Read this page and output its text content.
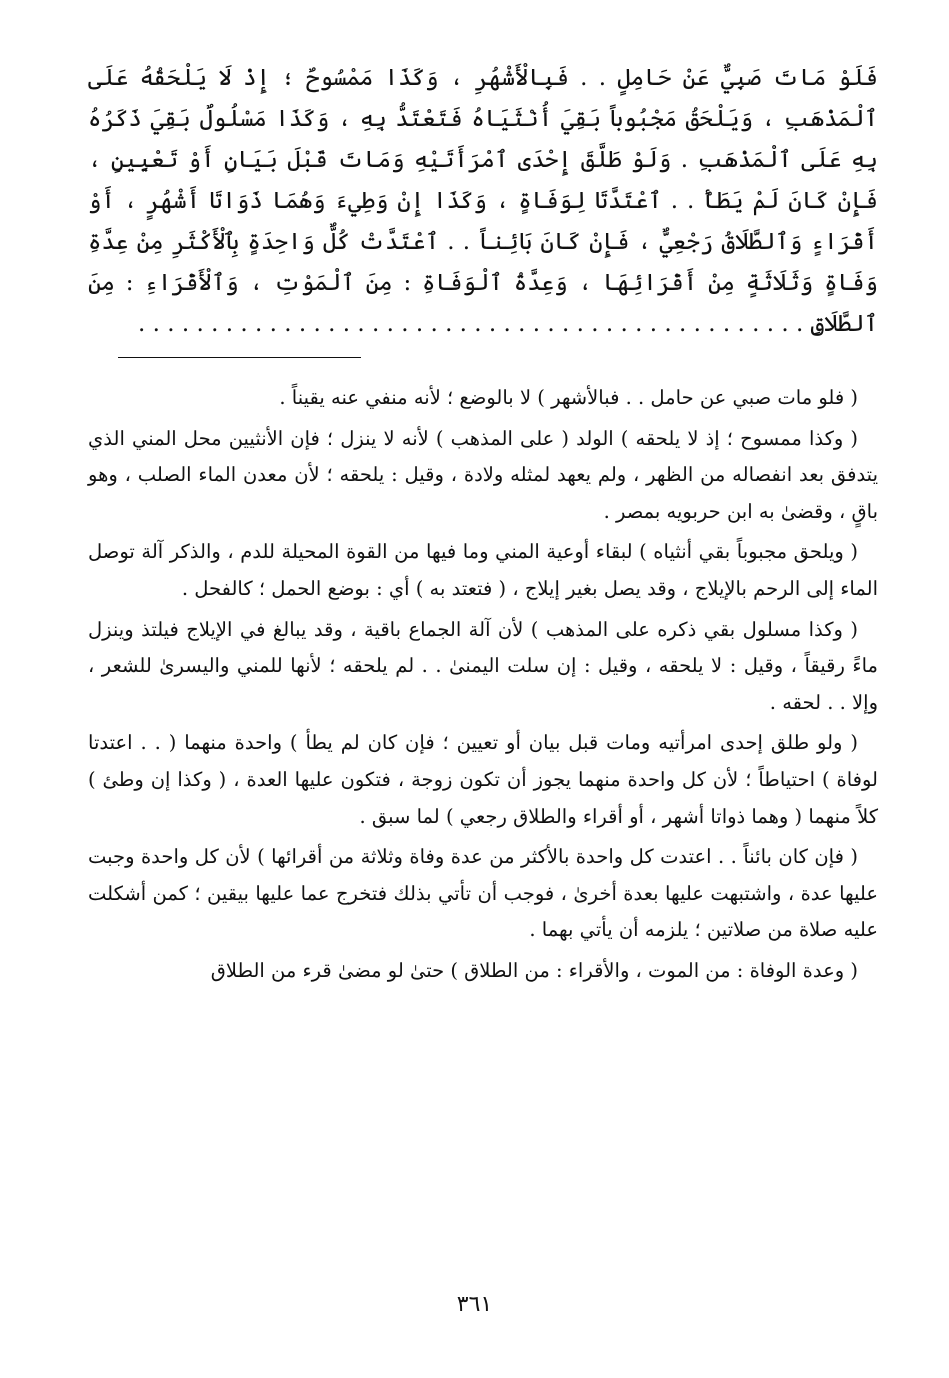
فَلَوْ مَاتَ صَبِيٌّ عَنْ حَامِلٍ . . فَبِالْأَشْهُرِ ، وَكَذَا مَمْسُوحٌ ؛ إِذْ لَا يَلْحَقُهُ عَلَى ٱلْمَذْهَبِ ، وَيَلْحَقُ مَجْبُوباً بَقِيَ أُنْثَيَاهُ فَتَعْتَدُّ بِهِ ، وَكَذَا مَسْلُولٌ بَقِيَ ذَكَرُهُ بِهِ عَلَى ٱلْمَذْهَبِ . وَلَوْ طَلَّقَ إِحْدَى ٱمْرَأَتَيْهِ وَمَاتَ قَبْلَ بَيَانٍ أَوْ تَعْيِينٍ ، فَإِنْ كَانَ لَمْ يَطَأْ . . ٱعْتَدَّتَا لِوَفَاةٍ ، وَكَذَا إِنْ وَطِيءَ وَهُمَا ذَوَاتَا أَشْهُرٍ ، أَوْ أَقْرَاءٍ وَٱلطَّلَاقُ رَجْعِيٌّ ، فَإِنْ كَانَ بَائِناً . . ٱعْتَدَّتْ كُلٌّ وَاحِدَةٍ بِٱلْأَكْثَرِ مِنْ عِدَّةِ وَفَاةٍ وَثَلَاثَةٍ مِنْ أَقْرَائِهَا ، وَعِدَّةُ ٱلْوَفَاةِ : مِنَ ٱلْمَوْتِ ، وَٱلْأَقْرَاءِ : مِنَ ٱلطَّلَاقِ . . . . . . . . . . . . . . . . . . . . . . . . . . . . . . . . . . . . . . . . . . . . . .

( فلو مات صبي عن حامل . . فبالأشهر ) لا بالوضع ؛ لأنه منفي عنه يقيناً .

( وكذا ممسوح ؛ إذ لا يلحقه ) الولد ( على المذهب ) لأنه لا ينزل ؛ فإن الأنثيين محل المني الذي يتدفق بعد انفصاله من الظهر ، ولم يعهد لمثله ولادة ، وقيل : يلحقه ؛ لأن معدن الماء الصلب ، وهو باقٍ ، وقضىٰ به ابن حربويه بمصر .

( ويلحق مجبوباً بقي أنثياه ) لبقاء أوعية المني وما فيها من القوة المحيلة للدم ، والذكر آلة توصل الماء إلى الرحم بالإيلاج ، وقد يصل بغير إيلاج ، ( فتعتد به ) أي : بوضع الحمل ؛ كالفحل .

( وكذا مسلول بقي ذكره على المذهب ) لأن آلة الجماع باقية ، وقد يبالغ في الإيلاج فيلتذ وينزل ماءً رقيقاً ، وقيل : لا يلحقه ، وقيل : إن سلت اليمنىٰ . . لم يلحقه ؛ لأنها للمني واليسرىٰ للشعر ، وإلا . . لحقه .

( ولو طلق إحدى امرأتيه ومات قبل بيان أو تعيين ؛ فإن كان لم يطأ ) واحدة منهما ( . . اعتدتا لوفاة ) احتياطاً ؛ لأن كل واحدة منهما يجوز أن تكون زوجة ، فتكون عليها العدة ، ( وكذا إن وطئ ) كلاً منهما ( وهما ذواتا أشهر ، أو أقراء والطلاق رجعي ) لما سبق .

( فإن كان بائناً . . اعتدت كل واحدة بالأكثر من عدة وفاة وثلاثة من أقرائها ) لأن كل واحدة وجبت عليها عدة ، واشتبهت عليها بعدة أخرىٰ ، فوجب أن تأتي بذلك فتخرج عما عليها بيقين ؛ كمن أشكلت عليه صلاة من صلاتين ؛ يلزمه أن يأتي بهما .

( وعدة الوفاة : من الموت ، والأقراء : من الطلاق ) حتىٰ لو مضىٰ قرء من الطلاق

٣٦١
